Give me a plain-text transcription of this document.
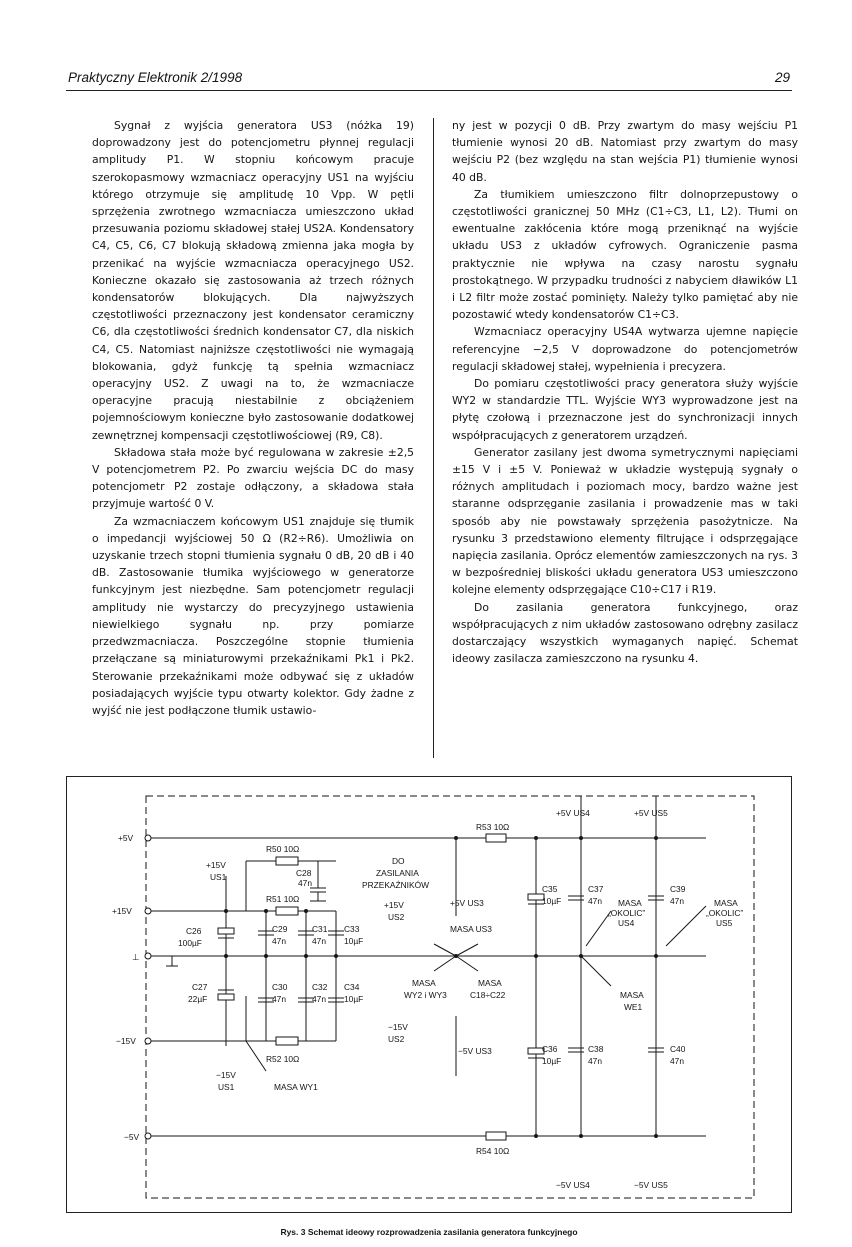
Praktyczny Elektronik 2/1998	29

Sygnał z wyjścia generatora US3 (nóżka 19) doprowadzony jest do potencjometru płynnej regulacji amplitudy P1. W stopniu końcowym pracuje szerokopasmowy wzmacniacz operacyjny US1 na wyjściu którego otrzymuje się amplitudę 10 Vpp. W pętli sprzężenia zwrotnego wzmacniacza umieszczono układ przesuwania poziomu składowej stałej US2A. Kondensatory C4, C5, C6, C7 blokują składową zmienna jaka mogła by przenikać na wyjście wzmacniacza operacyjnego US2. Konieczne okazało się zastosowania aż trzech różnych kondensatorów blokujących. Dla najwyższych częstotliwości przeznaczony jest kondensator ceramiczny C6, dla częstotliwości średnich kondensator C7, dla niskich C4, C5. Natomiast najniższe częstotliwości nie wymagają blokowania, gdyż funkcję tą spełnia wzmacniacz operacyjny US2. Z uwagi na to, że wzmacniacze operacyjne pracują niestabilnie z obciążeniem pojemnościowym konieczne było zastosowanie dodatkowej zewnętrznej kompensacji częstotliwościowej (R9, C8).

Składowa stała może być regulowana w zakresie ±2,5 V potencjometrem P2. Po zwarciu wejścia DC do masy potencjometr P2 zostaje odłączony, a składowa stała przyjmuje wartość 0 V.

Za wzmacniaczem końcowym US1 znajduje się tłumik o impedancji wyjściowej 50 Ω (R2÷R6). Umożliwia on uzyskanie trzech stopni tłumienia sygnału 0 dB, 20 dB i 40 dB. Zastosowanie tłumika wyjściowego w generatorze funkcyjnym jest niezbędne. Sam potencjometr regulacji amplitudy nie wystarczy do precyzyjnego ustawienia niewielkiego sygnału np. przy pomiarze przedwzmacniacza. Poszczególne stopnie tłumienia przełączane są miniaturowymi przekaźnikami Pk1 i Pk2. Sterowanie przekaźnikami może odbywać się z układów posiadających wyjście typu otwarty kolektor. Gdy żadne z wyjść nie jest podłączone tłumik ustawio-

ny jest w pozycji 0 dB. Przy zwartym do masy wejściu P1 tłumienie wynosi 20 dB. Natomiast przy zwartym do masy wejściu P2 (bez względu na stan wejścia P1) tłumienie wynosi 40 dB.

Za tłumikiem umieszczono filtr dolnoprzepustowy o częstotliwości granicznej 50 MHz (C1÷C3, L1, L2). Tłumi on ewentualne zakłócenia które mogą przeniknąć na wyjście układu US3 z układów cyfrowych. Ograniczenie pasma praktycznie nie wpływa na czasy narostu sygnału prostokątnego. W przypadku trudności z nabyciem dławików L1 i L2 filtr może zostać pominięty. Należy tylko pamiętać aby nie pozostawić wtedy kondensatorów C1÷C3.

Wzmacniacz operacyjny US4A wytwarza ujemne napięcie referencyjne −2,5 V doprowadzone do potencjometrów regulacji składowej stałej, wypełnienia i precyzera.

Do pomiaru częstotliwości pracy generatora służy wyjście WY2 w standardzie TTL. Wyjście WY3 wyprowadzone jest na płytę czołową i przeznaczone jest do synchronizacji innych współpracujących z generatorem urządzeń.

Generator zasilany jest dwoma symetrycznymi napięciami ±15 V i ±5 V. Ponieważ w układzie występują sygnały o różnych amplitudach i poziomach mocy, bardzo ważne jest staranne odsprzęganie zasilania i prowadzenie mas w taki sposób aby nie powstawały sprzężenia pasożytnicze. Na rysunku 3 przedstawiono elementy filtrujące i odsprzęgające napięcia zasilania. Oprócz elementów zamieszczonych na rys. 3 w bezpośredniej bliskości układu generatora US3 umieszczono kolejne elementy odsprzęgające C10÷C17 i R19.

Do zasilania generatora funkcyjnego, oraz współpracujących z nim układów zastosowano odrębny zasilacz dostarczający wszystkich wymaganych napięć. Schemat ideowy zasilacza zamieszczono na rysunku 4.

+5V
+15V
⊥
−15V
−5V
+5V US4	+5V US5
−5V US4	−5V US5
R50 10Ω
R51 10Ω
R52 10Ω
R53 10Ω
R54 10Ω
+15V
US1	C28
47n
DO
ZASILANIA
PRZEKAŹNIKÓW
+15V
US2
C26
100µF
C29
47n
C31
47n
C33
10µF
C27
22µF
C30
47n
C32
47n
C34
10µF
−15V
US2
−15V
US1	MASA WY1
+5V US3
MASA US3
MASA
WY2 i WY3
MASA
C18÷C22
−5V US3
C35
10µF
C37
47n
C36
10µF
C38
47n
C39
47n
C40
47n
MASA
„OKOLIC”
US4
MASA
„OKOLIC”
US5
MASA
WE1
Rys. 3 Schemat ideowy rozprowadzenia zasilania generatora funkcyjnego
